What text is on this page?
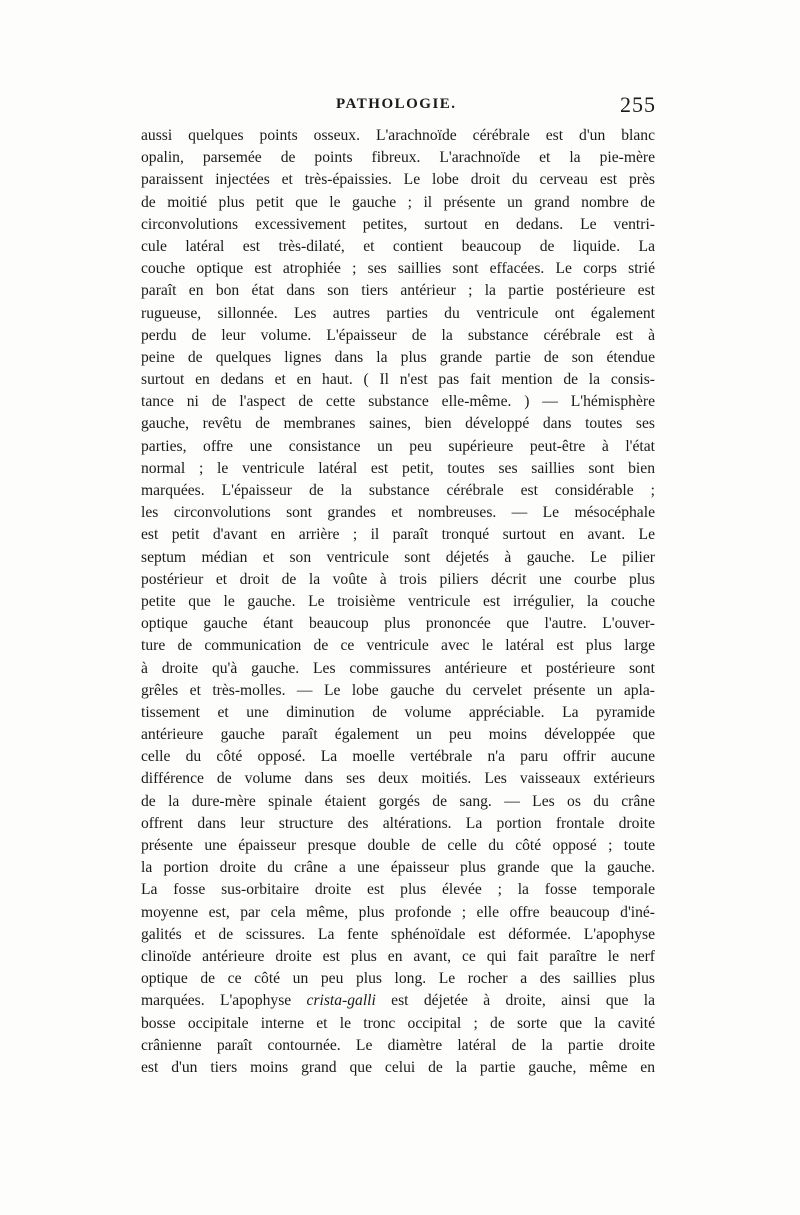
PATHOLOGIE.	255
aussi quelques points osseux. L'arachnoïde cérébrale est d'un blanc
opalin, parsemée de points fibreux. L'arachnoïde et la pie-mère
paraissent injectées et très-épaissies. Le lobe droit du cerveau est près
de moitié plus petit que le gauche ; il présente un grand nombre de
circonvolutions excessivement petites, surtout en dedans. Le ventri-
cule latéral est très-dilaté, et contient beaucoup de liquide. La
couche optique est atrophiée ; ses saillies sont effacées. Le corps strié
paraît en bon état dans son tiers antérieur ; la partie postérieure est
rugueuse, sillonnée. Les autres parties du ventricule ont également
perdu de leur volume. L'épaisseur de la substance cérébrale est à
peine de quelques lignes dans la plus grande partie de son étendue
surtout en dedans et en haut. ( Il n'est pas fait mention de la consis-
tance ni de l'aspect de cette substance elle-même. ) — L'hémisphère
gauche, revêtu de membranes saines, bien développé dans toutes ses
parties, offre une consistance un peu supérieure peut-être à l'état
normal ; le ventricule latéral est petit, toutes ses saillies sont bien
marquées. L'épaisseur de la substance cérébrale est considérable ;
les circonvolutions sont grandes et nombreuses. — Le mésocéphale
est petit d'avant en arrière ; il paraît tronqué surtout en avant. Le
septum médian et son ventricule sont déjetés à gauche. Le pilier
postérieur et droit de la voûte à trois piliers décrit une courbe plus
petite que le gauche. Le troisième ventricule est irrégulier, la couche
optique gauche étant beaucoup plus prononcée que l'autre. L'ouver-
ture de communication de ce ventricule avec le latéral est plus large
à droite qu'à gauche. Les commissures antérieure et postérieure sont
grêles et très-molles. — Le lobe gauche du cervelet présente un apla-
tissement et une diminution de volume appréciable. La pyramide
antérieure gauche paraît également un peu moins développée que
celle du côté opposé. La moelle vertébrale n'a paru offrir aucune
différence de volume dans ses deux moitiés. Les vaisseaux extérieurs
de la dure-mère spinale étaient gorgés de sang. — Les os du crâne
offrent dans leur structure des altérations. La portion frontale droite
présente une épaisseur presque double de celle du côté opposé ; toute
la portion droite du crâne a une épaisseur plus grande que la gauche.
La fosse sus-orbitaire droite est plus élevée ; la fosse temporale
moyenne est, par cela même, plus profonde ; elle offre beaucoup d'iné-
galités et de scissures. La fente sphénoïdale est déformée. L'apophyse
clinoïde antérieure droite est plus en avant, ce qui fait paraître le nerf
optique de ce côté un peu plus long. Le rocher a des saillies plus
marquées. L'apophyse crista-galli est déjetée à droite, ainsi que la
bosse occipitale interne et le tronc occipital ; de sorte que la cavité
crânienne paraît contournée. Le diamètre latéral de la partie droite
est d'un tiers moins grand que celui de la partie gauche, même en
